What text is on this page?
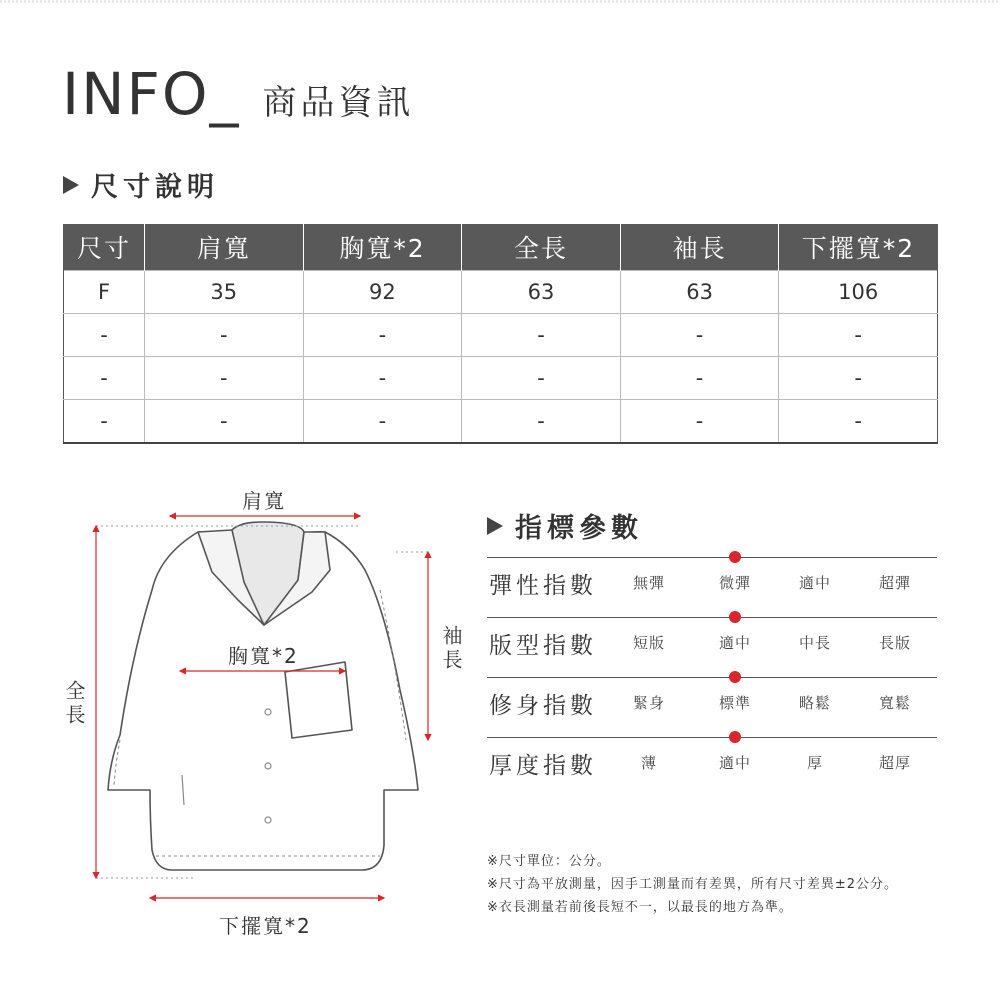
INFO_ 商品資訊
尺寸說明
尺寸	肩寬	胸寬*2	全長	袖長	下擺寬*2
F	35	92	63	63	106
-	-	-	-	-	-
-	-	-	-	-	-
-	-	-	-	-	-
肩寬
胸寬*2	袖長
全長
下擺寬*2
指標參數
彈性指數	無彈	微彈	適中	超彈
版型指數	短版	適中	中長	長版
修身指數	緊身	標準	略鬆	寬鬆
厚度指數	薄	適中	厚	超厚
※尺寸單位：公分。
※尺寸為平放測量，因手工測量而有差異，所有尺寸差異±2公分。
※衣長測量若前後長短不一，以最長的地方為準。
